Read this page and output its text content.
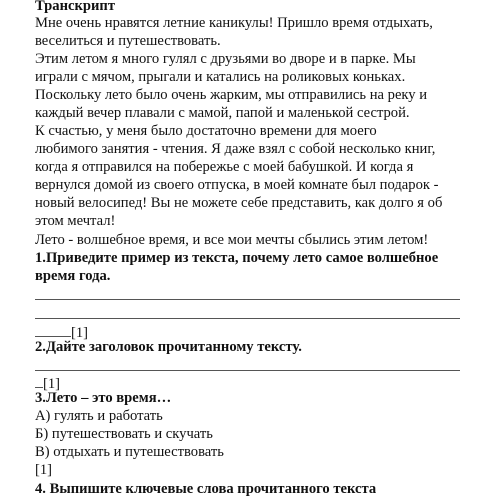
Транскрипт
Мне очень нравятся летние каникулы! Пришло время отдыхать,
веселиться и путешествовать.
Этим летом я много гулял с друзьями во дворе и в парке. Мы
играли с мячом, прыгали и катались на роликовых коньках.
Поскольку лето было очень жарким, мы отправились на реку и
каждый вечер плавали с мамой, папой и маленькой сестрой.
К счастью, у меня было достаточно времени для моего
любимого занятия - чтения. Я даже взял с собой несколько книг,
когда я отправился на побережье с моей бабушкой. И когда я
вернулся домой из своего отпуска, в моей комнате был подарок -
новый велосипед! Вы не можете себе представить, как долго я об
этом мечтал!
Лето - волшебное время, и все мои мечты сбылись этим летом!
1.Приведите пример из текста, почему лето самое волшебное
время года.
[1]
2.Дайте заголовок прочитанному тексту.
[1]
3.Лето – это время…
А) гулять и работать
Б) путешествовать и скучать
В) отдыхать и путешествовать
[1]
4. Выпишите ключевые слова прочитанного текста
